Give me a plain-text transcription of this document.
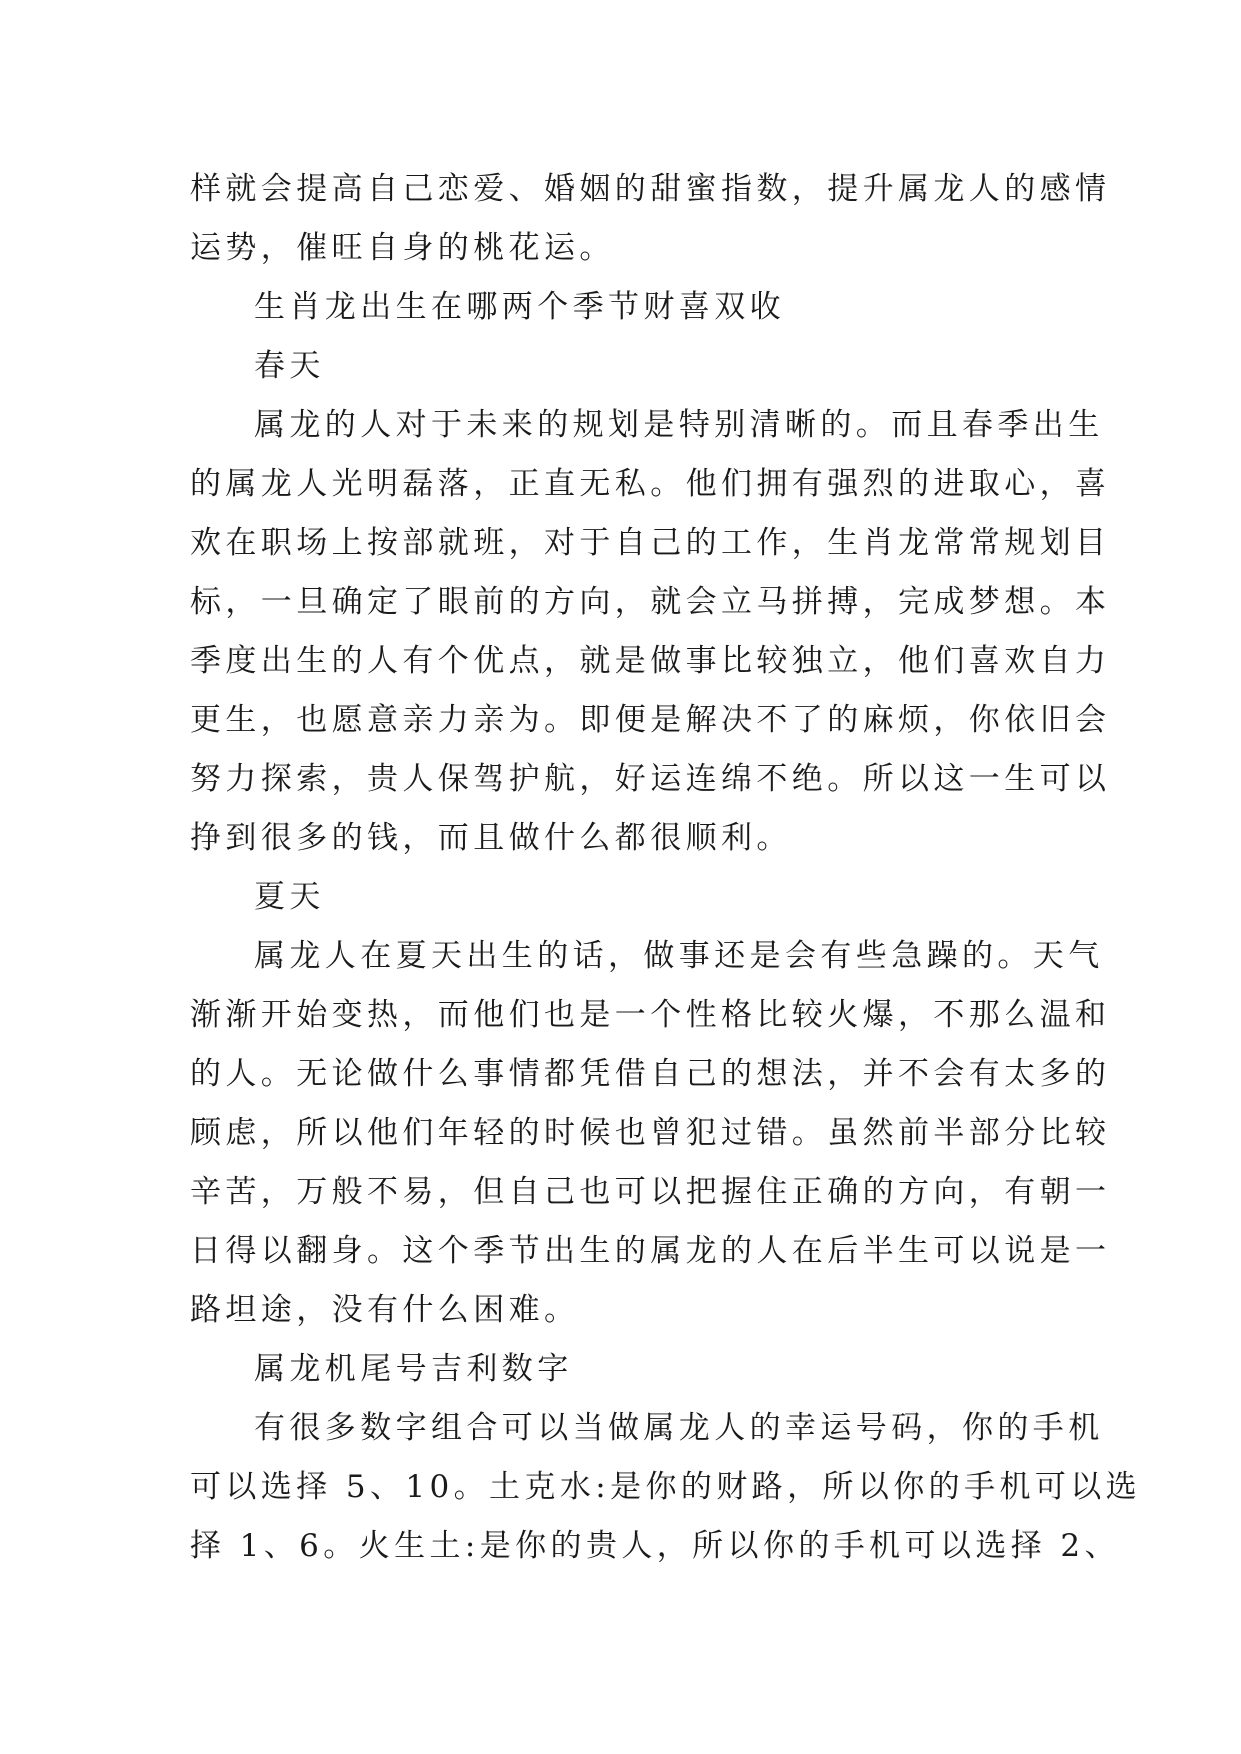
样就会提高自己恋爱、婚姻的甜蜜指数，提升属龙人的感情
运势，催旺自身的桃花运。
生肖龙出生在哪两个季节财喜双收
春天
属龙的人对于未来的规划是特别清晰的。而且春季出生
的属龙人光明磊落，正直无私。他们拥有强烈的进取心，喜
欢在职场上按部就班，对于自己的工作，生肖龙常常规划目
标，一旦确定了眼前的方向，就会立马拼搏，完成梦想。本
季度出生的人有个优点，就是做事比较独立，他们喜欢自力
更生，也愿意亲力亲为。即便是解决不了的麻烦，你依旧会
努力探索，贵人保驾护航，好运连绵不绝。所以这一生可以
挣到很多的钱，而且做什么都很顺利。
夏天
属龙人在夏天出生的话，做事还是会有些急躁的。天气
渐渐开始变热，而他们也是一个性格比较火爆，不那么温和
的人。无论做什么事情都凭借自己的想法，并不会有太多的
顾虑，所以他们年轻的时候也曾犯过错。虽然前半部分比较
辛苦，万般不易，但自己也可以把握住正确的方向，有朝一
日得以翻身。这个季节出生的属龙的人在后半生可以说是一
路坦途，没有什么困难。
属龙机尾号吉利数字
有很多数字组合可以当做属龙人的幸运号码，你的手机
可以选择 5、10。土克水:是你的财路，所以你的手机可以选
择 1、6。火生土:是你的贵人，所以你的手机可以选择 2、
